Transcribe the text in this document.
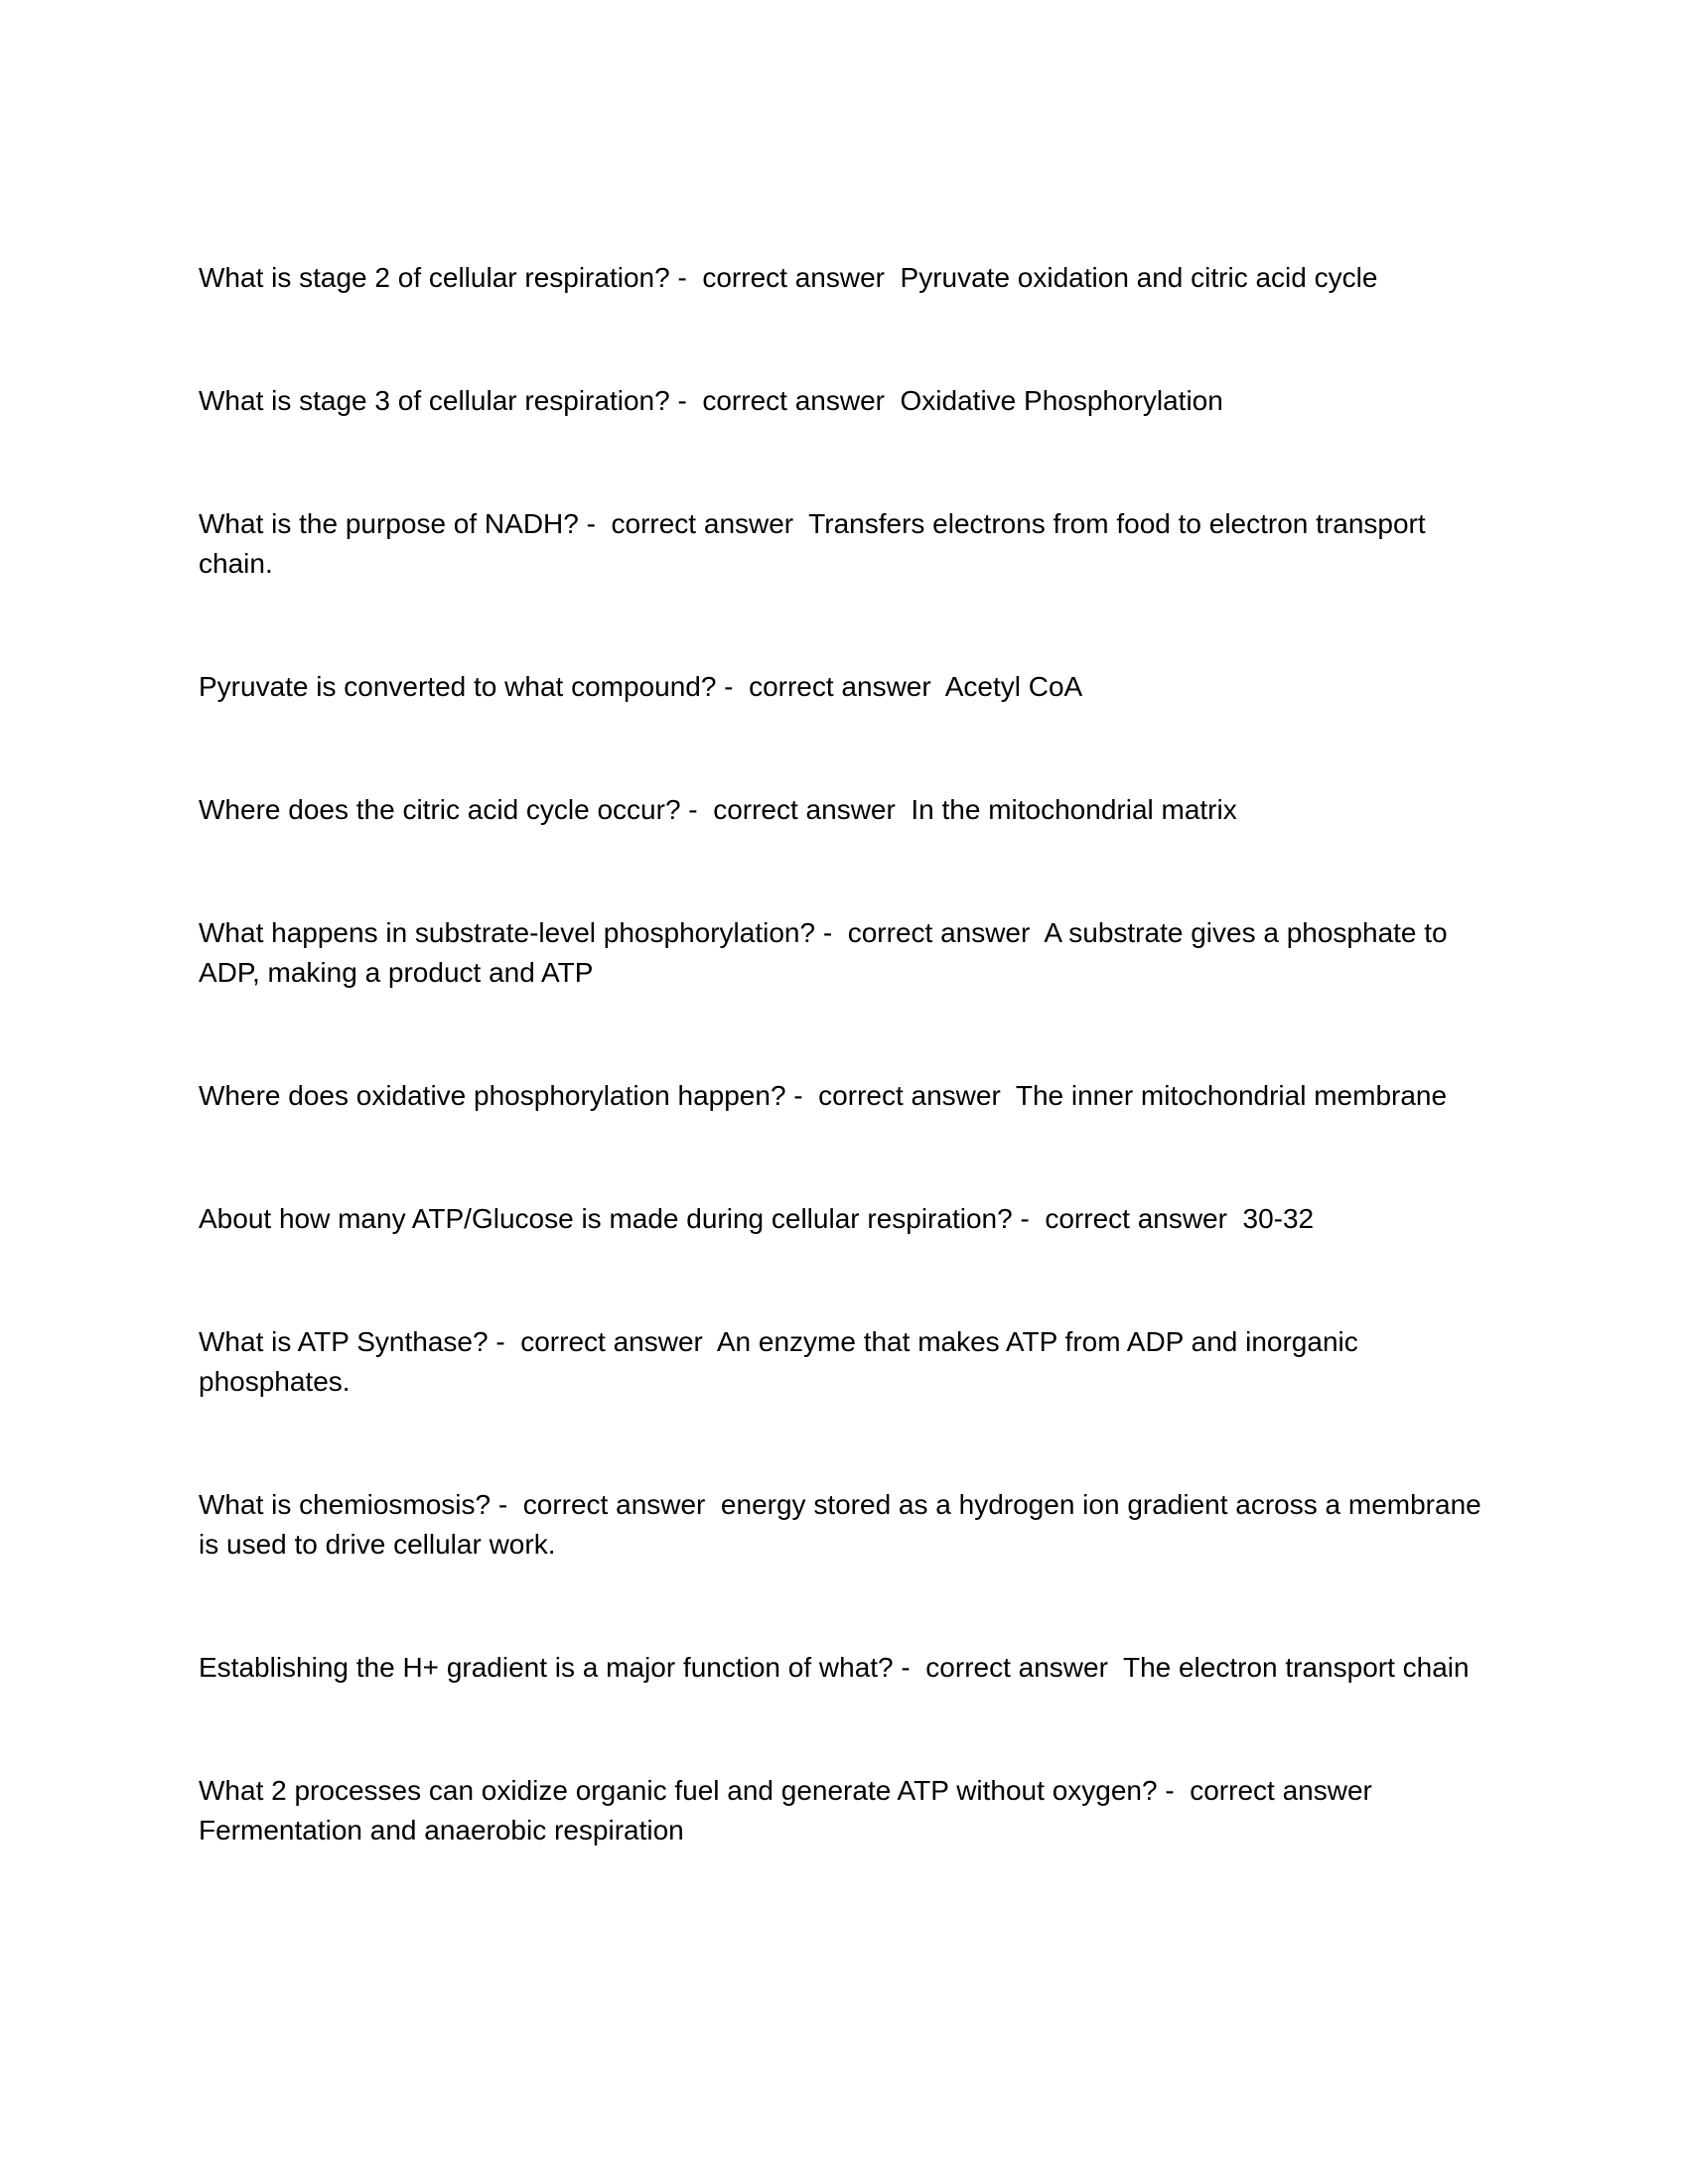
What is stage 2 of cellular respiration? -  correct answer  Pyruvate oxidation and citric acid cycle

What is stage 3 of cellular respiration? -  correct answer  Oxidative Phosphorylation

What is the purpose of NADH? -  correct answer  Transfers electrons from food to electron transport chain.

Pyruvate is converted to what compound? -  correct answer  Acetyl CoA

Where does the citric acid cycle occur? -  correct answer  In the mitochondrial matrix

What happens in substrate-level phosphorylation? -  correct answer  A substrate gives a phosphate to ADP, making a product and ATP

Where does oxidative phosphorylation happen? -  correct answer  The inner mitochondrial membrane

About how many ATP/Glucose is made during cellular respiration? -  correct answer  30-32

What is ATP Synthase? -  correct answer  An enzyme that makes ATP from ADP and inorganic phosphates.

What is chemiosmosis? -  correct answer  energy stored as a hydrogen ion gradient across a membrane is used to drive cellular work.

Establishing the H+ gradient is a major function of what? -  correct answer  The electron transport chain

What 2 processes can oxidize organic fuel and generate ATP without oxygen? -  correct answer  Fermentation and anaerobic respiration
